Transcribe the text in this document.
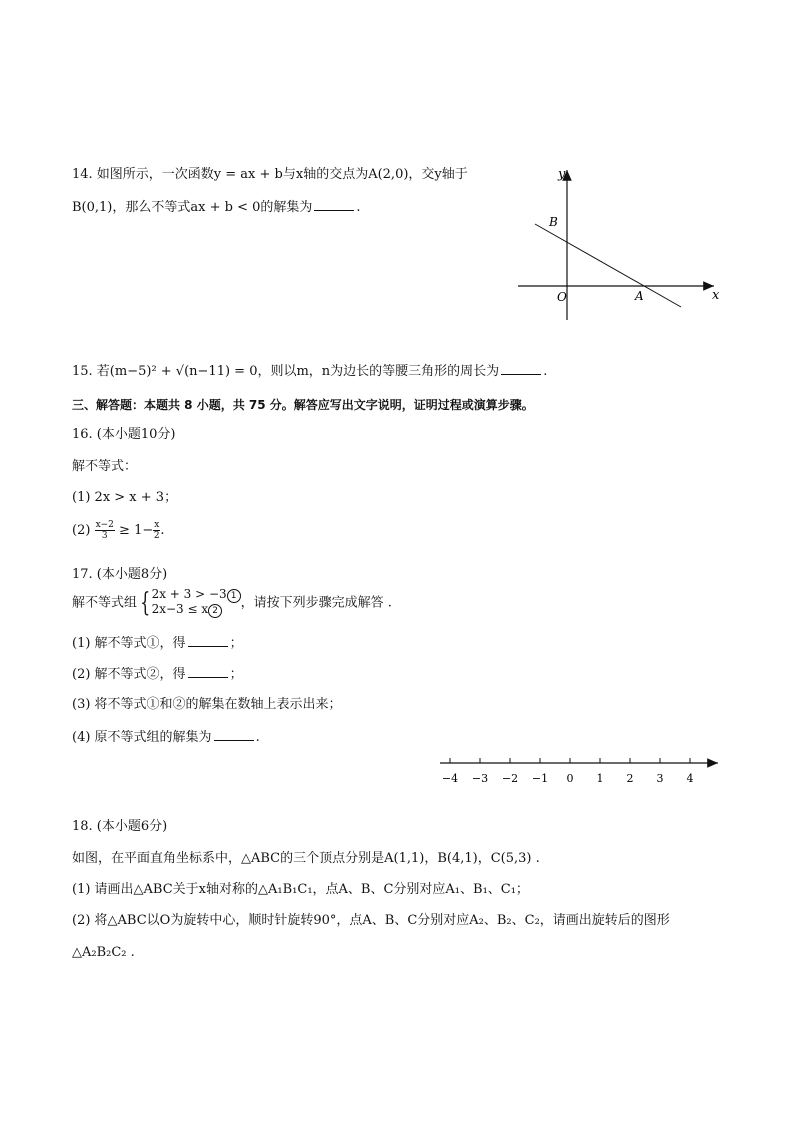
14. 如图所示，一次函数y = ax + b与x轴的交点为A(2,0)，交y轴于
B(0,1)，那么不等式ax + b < 0的解集为	.
y
x
B
O	A
15. 若(m−5)² + √(n−11) = 0，则以m，n为边长的等腰三角形的周长为	.
三、解答题：本题共 8 小题，共 75 分。解答应写出文字说明，证明过程或演算步骤。
16. (本小题10分)
解不等式：
(1) 2x > x + 3；
$(2) \frac{x-2}{3} \ge 1- \frac{x}{2}$ .
17. (本小题8分)
解不等式组 { 2x + 3 > −3 1
2x−3 ≤ x 2
，请按下列步骤完成解答 .
(1) 解不等式①，得	；
(2) 解不等式②，得	；
(3) 将不等式①和②的解集在数轴上表示出来；
(4) 原不等式组的解集为	.
−4 −3 −2 −1 0 1 2 3 4
18. (本小题6分)
如图，在平面直角坐标系中，△ABC的三个顶点分别是A(1,1)，B(4,1)，C(5,3) .
(1) 请画出△ABC关于x轴对称的△A₁B₁C₁，点A、B、C分别对应A₁、B₁、C₁；
(2) 将△ABC以O为旋转中心，顺时针旋转90°，点A、B、C分别对应A₂、B₂、C₂，请画出旋转后的图形
△A₂B₂C₂ .
